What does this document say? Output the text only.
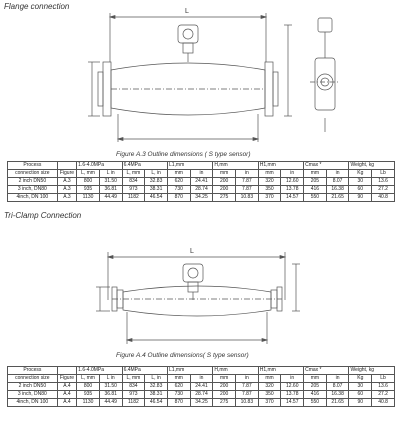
Flange connection
L
Figure A.3 Outline dimensions ( S type sensor)
Process		1.6-4.0MPa		6.4MPa		L1,mm		H,mm		H1,mm		Cmax *		Weight, kg	
connection size	Figure	L, mm	L in	L, mm	L, in	mm	in	mm	in	mm	in	mm	in	Kg	Lb
2 inch DN50	A.3	800	31.50	834	32.83	620	24.41	200	7.87	320	12.60	205	8.07	30	13.6
3 inch, DN80	A.3	935	36.81	973	38.31	730	28.74	200	7.87	350	13.78	416	16.38	60	27.2
4inch, DN 100	A.3	1130	44.49	1182	46.54	870	34.25	275	10.83	370	14.57	550	21.65	90	40.8
Tri-Clamp Connection
L
Figure A.4 Outline dimensions( S type sensor)
Process		1.6-4.0MPa		6.4MPa		L1,mm		H,mm		H1,mm		Cmax *		Weight, kg	
connection size	Figure	L, mm	L in	L, mm	L, in	mm	in	mm	in	mm	in	mm	in	Kg	Lb
2 inch DN50	A.4	800	31.50	834	32.83	620	24.41	200	7.87	320	12.60	205	8.07	30	13.6
3 inch, DN80	A.4	935	36.81	973	38.31	730	28.74	200	7.87	350	13.78	416	16.38	60	27.2
4inch, DN 100	A.4	1130	44.49	1182	46.54	870	34.25	275	10.83	370	14.57	550	21.65	90	40.8
